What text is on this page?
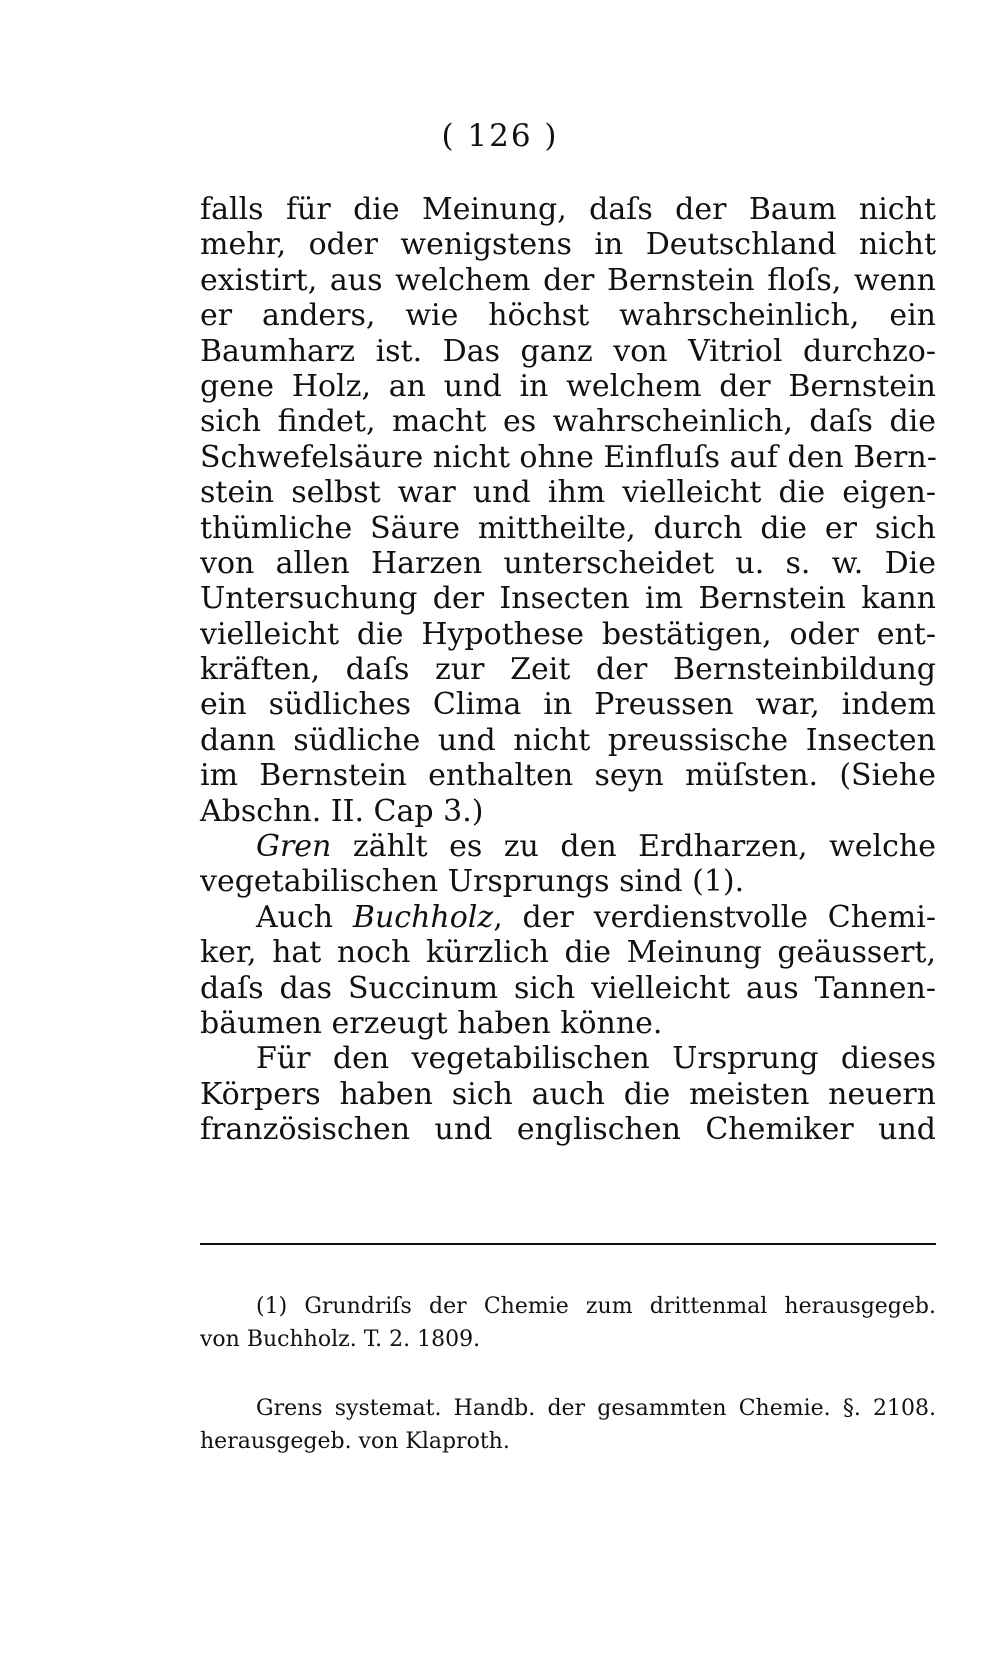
( 126 )
falls für die Meinung, daſs der Baum nicht
mehr, oder wenigstens in Deutschland nicht
existirt, aus welchem der Bernstein floſs, wenn
er anders, wie höchst wahrscheinlich, ein
Baumharz ist. Das ganz von Vitriol durchzo-
gene Holz, an und in welchem der Bernstein
sich findet, macht es wahrscheinlich, daſs die
Schwefelsäure nicht ohne Einfluſs auf den Bern-
stein selbst war und ihm vielleicht die eigen-
thümliche Säure mittheilte, durch die er sich
von allen Harzen unterscheidet u. s. w. Die
Untersuchung der Insecten im Bernstein kann
vielleicht die Hypothese bestätigen, oder ent-
kräften, daſs zur Zeit der Bernsteinbildung
ein südliches Clima in Preussen war, indem
dann südliche und nicht preussische Insecten
im Bernstein enthalten seyn müſsten. (Siehe
Abschn. II. Cap 3.)
Gren zählt es zu den Erdharzen, welche
vegetabilischen Ursprungs sind (1).
Auch Buchholz, der verdienstvolle Chemi-
ker, hat noch kürzlich die Meinung geäussert,
daſs das Succinum sich vielleicht aus Tannen-
bäumen erzeugt haben könne.
Für den vegetabilischen Ursprung dieses
Körpers haben sich auch die meisten neuern
französischen und englischen Chemiker und
(1) Grundriſs der Chemie zum drittenmal herausgegeb.
von Buchholz. T. 2. 1809.
Grens systemat. Handb. der gesammten Chemie. §. 2108.
herausgegeb. von Klaproth.
